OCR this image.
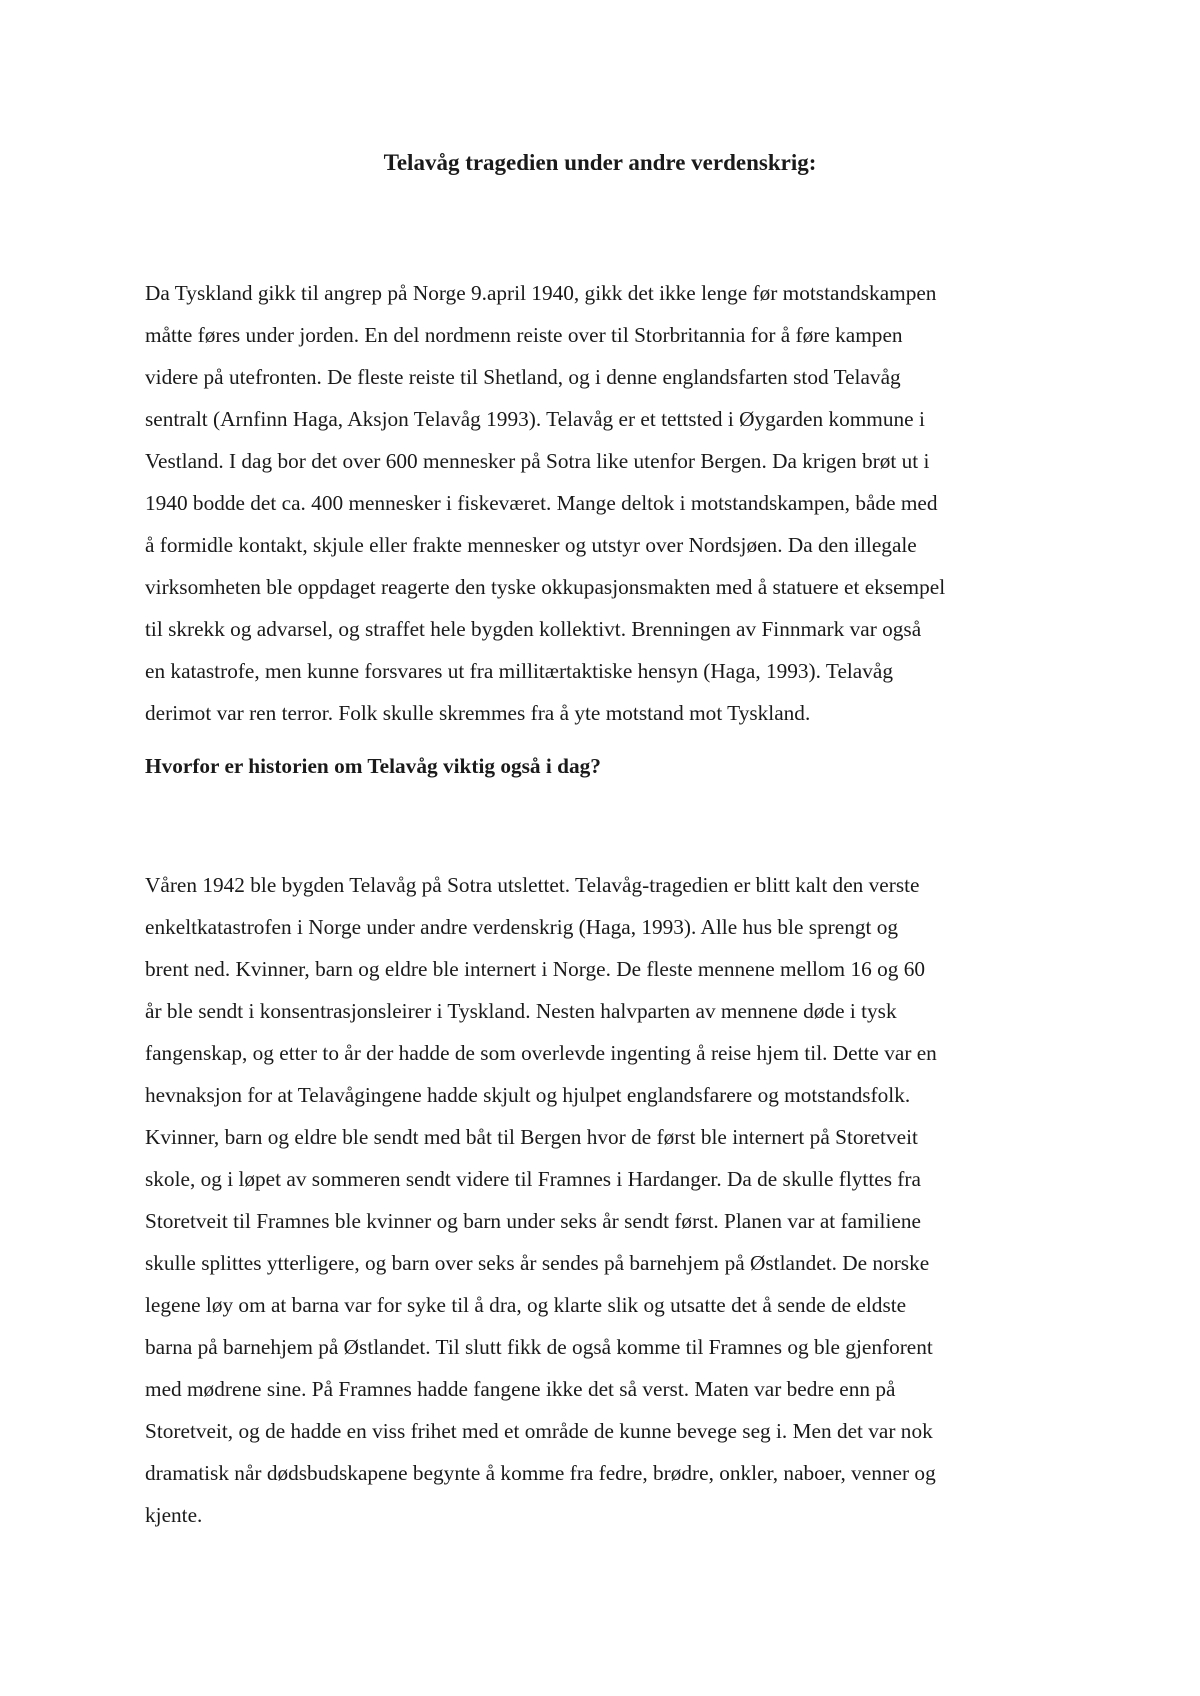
Telavåg tragedien under andre verdenskrig:
Da Tyskland gikk til angrep på Norge 9.april 1940, gikk det ikke lenge før motstandskampen
måtte føres under jorden. En del nordmenn reiste over til Storbritannia for å føre kampen
videre på utefronten. De fleste reiste til Shetland, og i denne englandsfarten stod Telavåg
sentralt (Arnfinn Haga, Aksjon Telavåg 1993). Telavåg er et tettsted i Øygarden kommune i
Vestland. I dag bor det over 600 mennesker på Sotra like utenfor Bergen. Da krigen brøt ut i
1940 bodde det ca. 400 mennesker i fiskeværet. Mange deltok i motstandskampen, både med
å formidle kontakt, skjule eller frakte mennesker og utstyr over Nordsjøen. Da den illegale
virksomheten ble oppdaget reagerte den tyske okkupasjonsmakten med å statuere et eksempel
til skrekk og advarsel, og straffet hele bygden kollektivt. Brenningen av Finnmark var også
en katastrofe, men kunne forsvares ut fra millitærtaktiske hensyn (Haga, 1993). Telavåg
derimot var ren terror. Folk skulle skremmes fra å yte motstand mot Tyskland.
Hvorfor er historien om Telavåg viktig også i dag?
Våren 1942 ble bygden Telavåg på Sotra utslettet. Telavåg-tragedien er blitt kalt den verste
enkeltkatastrofen i Norge under andre verdenskrig (Haga, 1993). Alle hus ble sprengt og
brent ned. Kvinner, barn og eldre ble internert i Norge. De fleste mennene mellom 16 og 60
år ble sendt i konsentrasjonsleirer i Tyskland. Nesten halvparten av mennene døde i tysk
fangenskap, og etter to år der hadde de som overlevde ingenting å reise hjem til. Dette var en
hevnaksjon for at Telavågingene hadde skjult og hjulpet englandsfarere og motstandsfolk.
Kvinner, barn og eldre ble sendt med båt til Bergen hvor de først ble internert på Storetveit
skole, og i løpet av sommeren sendt videre til Framnes i Hardanger. Da de skulle flyttes fra
Storetveit til Framnes ble kvinner og barn under seks år sendt først. Planen var at familiene
skulle splittes ytterligere, og barn over seks år sendes på barnehjem på Østlandet. De norske
legene løy om at barna var for syke til å dra, og klarte slik og utsatte det å sende de eldste
barna på barnehjem på Østlandet. Til slutt fikk de også komme til Framnes og ble gjenforent
med mødrene sine. På Framnes hadde fangene ikke det så verst. Maten var bedre enn på
Storetveit, og de hadde en viss frihet med et område de kunne bevege seg i. Men det var nok
dramatisk når dødsbudskapene begynte å komme fra fedre, brødre, onkler, naboer, venner og
kjente.
